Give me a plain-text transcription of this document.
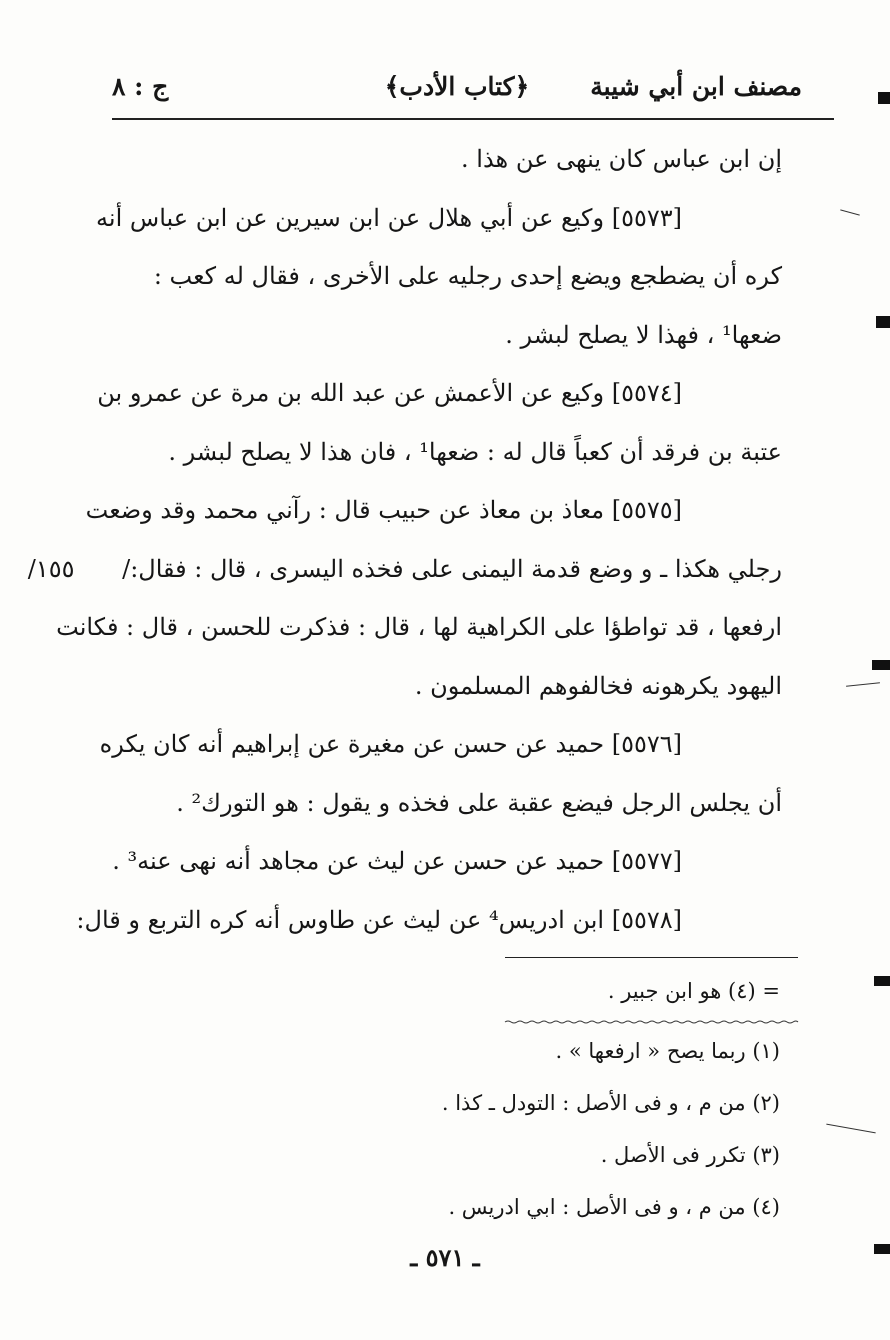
مصنف ابن أبي شيبة
﴿كتاب الأدب﴾
ج : ٨
إن ابن عباس كان ينهى عن هذا .
[٥٥٧٣] وكيع عن أبي هلال عن ابن سيرين عن ابن عباس أنه
كره أن يضطجع ويضع إحدى رجليه على الأخرى ، فقال له كعب :
ضعها¹ ، فهذا لا يصلح لبشر .
[٥٥٧٤] وكيع عن الأعمش عن عبد الله بن مرة عن عمرو بن
عتبة بن فرقد أن كعباً قال له : ضعها¹ ، فان هذا لا يصلح لبشر .
[٥٥٧٥] معاذ بن معاذ عن حبيب قال : رآني محمد وقد وضعت
رجلي هكذا ـ و وضع قدمة اليمنى على فخذه اليسرى ، قال : فقال:/ ١٥٥/
ارفعها ، قد تواطؤا على الكراهية لها ، قال : فذكرت للحسن ، قال : فكانت
اليهود يكرهونه فخالفوهم المسلمون .
[٥٥٧٦] حميد عن حسن عن مغيرة عن إبراهيم أنه كان يكره
أن يجلس الرجل فيضع عقبة على فخذه و يقول : هو التورك² .
[٥٥٧٧] حميد عن حسن عن ليث عن مجاهد أنه نهى عنه³ .
[٥٥٧٨] ابن ادريس⁴ عن ليث عن طاوس أنه كره التربع و قال:
= (٤) هو ابن جبير .
(١) ربما يصح « ارفعها » .
(٢) من م ، و فى الأصل : التودل ـ كذا .
(٣) تكرر فى الأصل .
(٤) من م ، و فى الأصل : ابي ادريس .
ـ ٥٧١ ـ
